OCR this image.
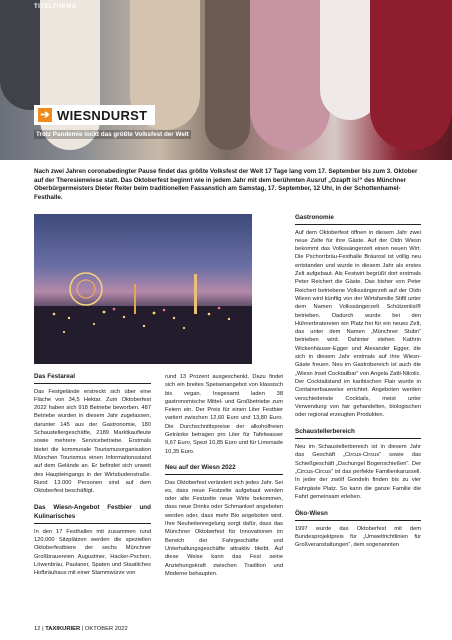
TITELTHEMA
➔ WIESNDURST
Trotz Pandemie lockt das größte Volksfest der Welt
Nach zwei Jahren coronabedingter Pause findet das größte Volksfest der Welt 17 Tage lang vom 17. September bis zum 3. Oktober auf der Theresienwiese statt. Das Oktoberfest beginnt wie in jedem Jahr mit dem berühmten Ausruf „Ozapft is!“ des Münchner Oberbürgermeisters Dieter Reiter beim traditionellen Fassanstich am Samstag, 17. September, 12 Uhr, in der Schottenhamel-Festhalle.
Das Festareal

Das Festgelände erstreckt sich über eine Fläche von 34,5 Hektar. Zum Oktoberfest 2022 haben sich 918 Betriebe beworben. 487 Betriebe wurden in diesem Jahr zugelassen, darunter 145 aus der Gastronomie, 180 Schaustellergeschäfte, 2189 Marktkaufleute sowie mehrere Servicebetriebe. Erstmals bietet die kommunale Tourismusorganisation München Tourismus einen Informationsstand auf dem Gelände an. Er befindet sich unweit des Haupteingangs in der Wirtsbudenstraße. Rund 13.000 Personen sind auf dem Oktoberfest beschäftigt.

Das Wiesn-Angebot Festbier und Kulinarisches

In den 17 Festhallen mit zusammen rund 120.000 Sitzplätzen werden die speziellen Oktoberfestbiere der sechs Münchner Großbrauereien Augustiner, Hacker-Pschorr, Löwenbräu, Paulaner, Spaten und Staatliches Hofbräuhaus mit einer Stammwürze von

rund 13 Prozent ausgeschenkt. Dazu findet sich ein breites Speisenangebot von klassisch bis vegan. Insgesamt laden 38 gastronomische Mittel- und Großbetriebe zum Feiern ein. Der Preis für einen Liter Festbier variiert zwischen 12,60 Euro und 13,80 Euro. Die Durchschnittspreise der alkoholfreien Getränke betragen pro Liter für Tafelwasser 9,67 Euro, Spezi 10,85 Euro und für Limonade 10,35 Euro.

Neu auf der Wiesn 2022

Das Oktoberfest verändert sich jedes Jahr. Sei es, dass neue Festzelte aufgebaut werden oder alte Festzelte neue Wirte bekommen, dass neue Drinks oder Schmankerl angeboten werden oder, dass mehr Bio angeboten wird. Ihre Neuheitenregelung sorgt dafür, dass das Münchner Oktoberfest für Innovationen im Bereich der Fahrgeschäfte und Unterhaltungsgeschäfte attraktiv bleibt. Auf diese Weise kann das Fest seine Anziehungskraft zwischen Tradition und Moderne behaupten.

Gastronomie

Auf dem Oktoberfest öffnen in diesem Jahr zwei neue Zelte für ihre Gäste. Auf der Oidn Wiesn bekommt das Volkssängerzelt einen neuen Wirt. Die Pschorrbräu-Festhalle Bräurosl ist völlig neu entstanden und wurde in diesem Jahr als erstes Zelt aufgebaut. Als Festwirt begrüßt dort erstmals Peter Reichert die Gäste. Das bisher von Peter Reichert betriebene Volkssängerzelt auf der Oidn Wiesn wird künftig von der Wirtsfamilie Stiftl unter dem Namen Volkssängerzelt Schützenlisl® betrieben. Dadurch wurde bei den Hühnerbratereien ein Platz frei für ein neues Zelt, das unter dem Namen „Münchner Stubn“ betrieben wird. Dahinter stehen Kathrin Wickenhäuser-Egger und Alexander Egger, die sich in diesem Jahr erstmals auf ihre Wiesn-Gäste freuen. Neu im Gastrobereich ist auch die „Wiesn Insel Cocktailbar“ von Angela Zattl-Nikolic. Der Cocktailstand im karibischen Flair wurde in Containerbauweise errichtet. Angeboten werden verschiedenste Cocktails, meist unter Verwendung von fair gehandelten, biologischen oder regional erzeugten Produkten.

Schaustellerbereich

Neu im Schaustellerbereich ist in diesem Jahr das Geschäft „Circus-Circus“ sowie das Schießgeschäft „Dschungel Bogenschießen“. Der „Circus-Circus“ ist das perfekte Familienkarussell. In jeder der zwölf Gondeln finden bis zu vier Fahrgäste Platz. So kann die ganze Familie die Fahrt gemeinsam erleben.

Öko-Wiesn

1997 wurde das Oktoberfest mit dem Bundesprojektpreis für „Umweltrichtlinien für Großveranstaltungen“, dem sogenannten

12 | TAXIKURIER | OKTOBER 2022
